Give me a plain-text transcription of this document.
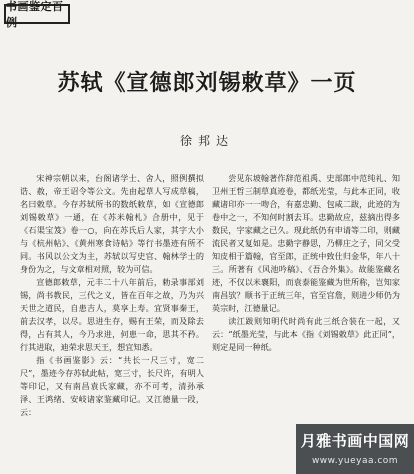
书画鉴定百例
苏轼《宣德郎刘锡敕草》一页
徐邦达

宋神宗朝以来，台阁诸学士、舍人，照例撰拟诰、赦，帝王诏令等公文。先由起草人写成草稿，名曰敕草。今存苏轼所书的数纸敕草，如《宣德郎刘锡敕草》一通，在《苏米翰札》合册中，见于《石渠宝笈》卷一○，向在苏氏后人家，其字大小与《杭州帖》、《黄州寒食诗帖》等行书墨迹有所不同。书风以公文为主，苏轼以写史官、翰林学士的身份为之，与文章相对照，较为可信。

宣德郎敕草，元丰二十八年前后，勅录事部刘锡，尚书教民，三代之义，皆在百年之故，乃为兴天世之道民，自患吉人，莫享上寿。宜贤事秦王，前去汉孝，以尽。思进生存，赐有王荣，而及除去得，占有其人，今乃求进，何患一命，思其不矜。行其进取，迪荣求思天王，想宜知悉。

指《书画鉴影》云：“共长一尺三寸，宽二尺”，墨迹今存苏轼此帖，宽三寸，长尺许，有明人等印记，又有南昌袁氏家藏，亦不可考，清孙承泽、王鸿绪、安岐诸家鉴藏印记。又江德量一段，云：

尝见东坡翰著作辞范祖禹、史部郎中范纯礼、知卫州王哲三制草真迹卷，都纸光莹，与此本正同，收藏诸印亦一一吻合，有嘉忠勤、包咸二跋，此迹的为卷中之一，不知何时割去耳。忠勤故应，兹摘出得多数民，字家藏之已久。现此纸仍有申请等二印，则藏流民者又复如是。忠勤字静思，乃柳庄之子，同父受知皮相于篇翰，官至郎，正统中致仕归金华，年八十三。所著有《风池吟稿》、《吾合外集》。故能鉴藏名迹，不仅以米襄阳，而袁泰能鉴藏为世所称，岂知家南昌欤？顺书于正统三年，官至宫詹，则进少师仍为英宗时，江德量记。

读江跋则知明代时尚有此三纸合装在一起，又云：“纸墨光莹，与此本《指《刘锡敕草》此正同”，则定是同一种纸。

月雅书画中国网
www.yueyaa.com
